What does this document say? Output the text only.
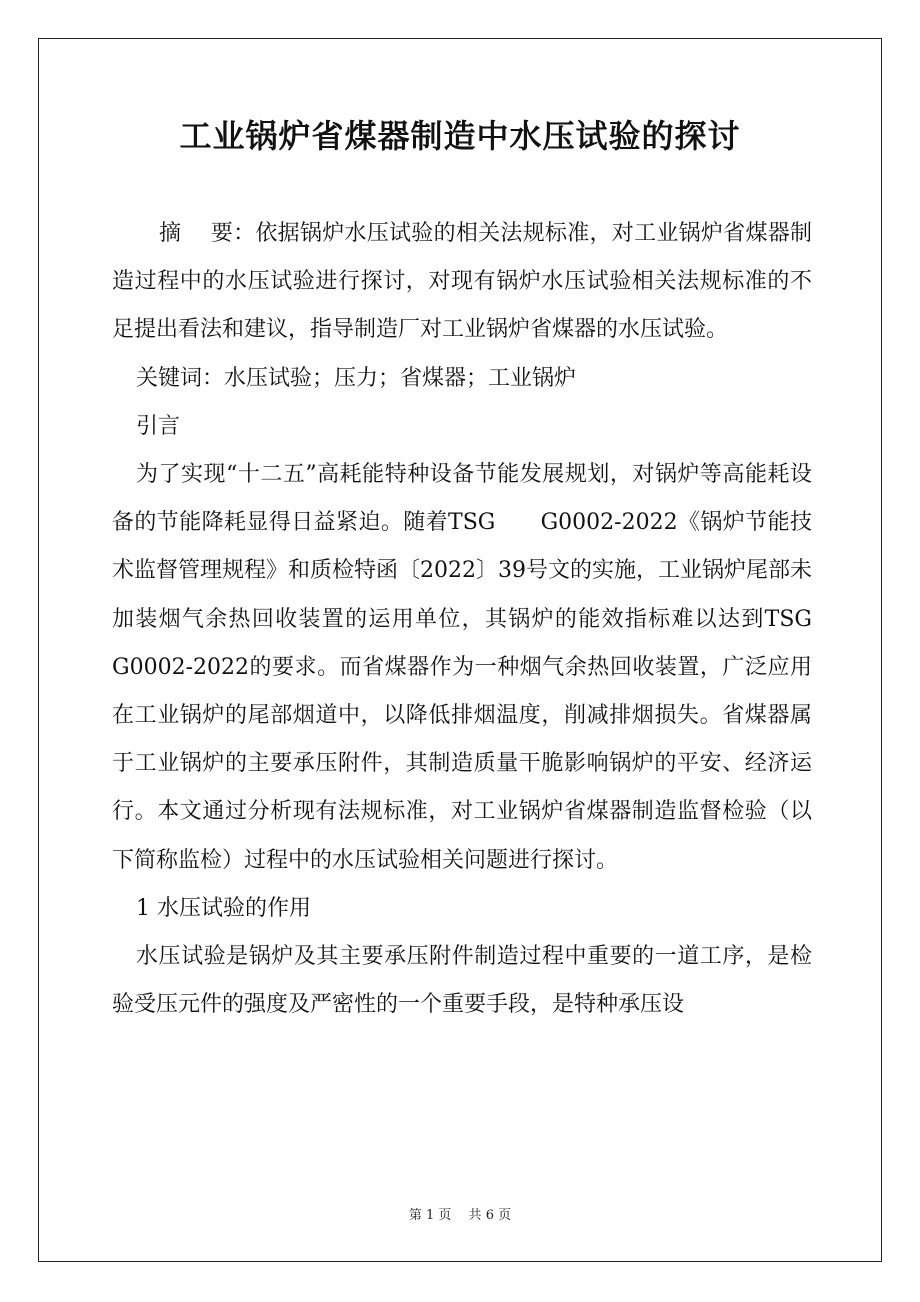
工业锅炉省煤器制造中水压试验的探讨

摘　 要：依据锅炉水压试验的相关法规标准，对工业锅炉省煤器制造过程中的水压试验进行探讨，对现有锅炉水压试验相关法规标准的不足提出看法和建议，指导制造厂对工业锅炉省煤器的水压试验。

关键词：水压试验；压力；省煤器；工业锅炉

引言

为了实现“十二五”高耗能特种设备节能发展规划，对锅炉等高能耗设备的节能降耗显得日益紧迫。随着TSG　　G0002-2022《锅炉节能技术监督管理规程》和质检特函〔2022〕39号文的实施，工业锅炉尾部未加装烟气余热回收装置的运用单位，其锅炉的能效指标难以达到TSG　G0002-2022的要求。而省煤器作为一种烟气余热回收装置，广泛应用在工业锅炉的尾部烟道中，以降低排烟温度，削减排烟损失。省煤器属于工业锅炉的主要承压附件，其制造质量干脆影响锅炉的平安、经济运行。本文通过分析现有法规标准，对工业锅炉省煤器制造监督检验（以下简称监检）过程中的水压试验相关问题进行探讨。

1 水压试验的作用

水压试验是锅炉及其主要承压附件制造过程中重要的一道工序，是检验受压元件的强度及严密性的一个重要手段，是特种承压设

第 1 页　 共 6 页
